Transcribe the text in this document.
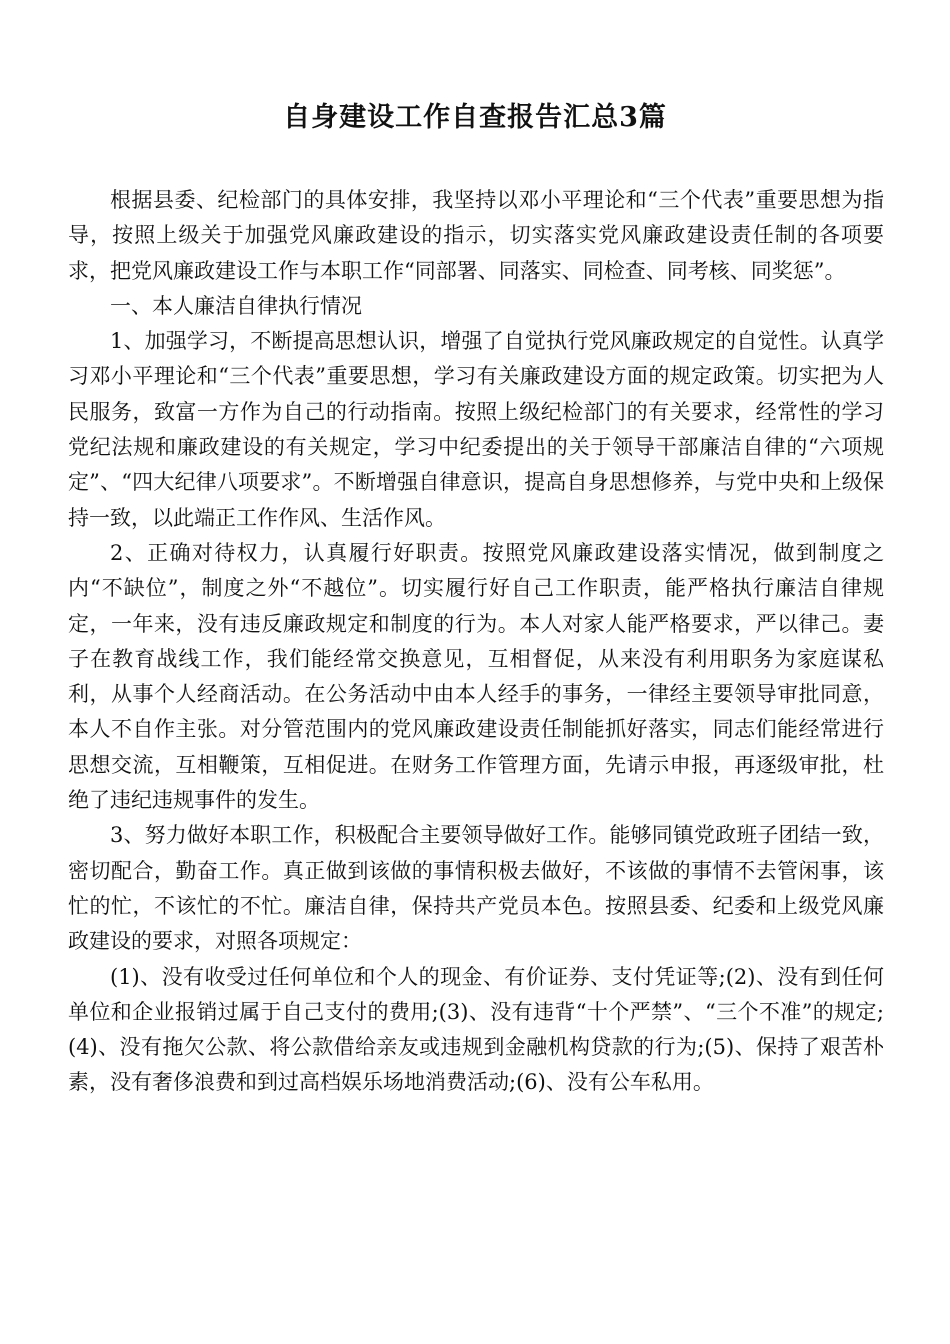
自身建设工作自查报告汇总3篇

根据县委、纪检部门的具体安排，我坚持以邓小平理论和“三个代表”重要思想为指导，按照上级关于加强党风廉政建设的指示，切实落实党风廉政建设责任制的各项要求，把党风廉政建设工作与本职工作“同部署、同落实、同检查、同考核、同奖惩”。

一、本人廉洁自律执行情况

1、加强学习，不断提高思想认识，增强了自觉执行党风廉政规定的自觉性。认真学习邓小平理论和“三个代表”重要思想，学习有关廉政建设方面的规定政策。切实把为人民服务，致富一方作为自己的行动指南。按照上级纪检部门的有关要求，经常性的学习党纪法规和廉政建设的有关规定，学习中纪委提出的关于领导干部廉洁自律的“六项规定”、“四大纪律八项要求”。不断增强自律意识，提高自身思想修养，与党中央和上级保持一致，以此端正工作作风、生活作风。

2、正确对待权力，认真履行好职责。按照党风廉政建设落实情况，做到制度之内“不缺位”，制度之外“不越位”。切实履行好自己工作职责，能严格执行廉洁自律规定，一年来，没有违反廉政规定和制度的行为。本人对家人能严格要求，严以律己。妻子在教育战线工作，我们能经常交换意见，互相督促，从来没有利用职务为家庭谋私利，从事个人经商活动。在公务活动中由本人经手的事务，一律经主要领导审批同意，本人不自作主张。对分管范围内的党风廉政建设责任制能抓好落实，同志们能经常进行思想交流，互相鞭策，互相促进。在财务工作管理方面，先请示申报，再逐级审批，杜绝了违纪违规事件的发生。

3、努力做好本职工作，积极配合主要领导做好工作。能够同镇党政班子团结一致，密切配合，勤奋工作。真正做到该做的事情积极去做好，不该做的事情不去管闲事，该忙的忙，不该忙的不忙。廉洁自律，保持共产党员本色。按照县委、纪委和上级党风廉政建设的要求，对照各项规定：

(1)、没有收受过任何单位和个人的现金、有价证券、支付凭证等;(2)、没有到任何单位和企业报销过属于自己支付的费用;(3)、没有违背“十个严禁”、“三个不准”的规定;(4)、没有拖欠公款、将公款借给亲友或违规到金融机构贷款的行为;(5)、保持了艰苦朴素，没有奢侈浪费和到过高档娱乐场地消费活动;(6)、没有公车私用。
